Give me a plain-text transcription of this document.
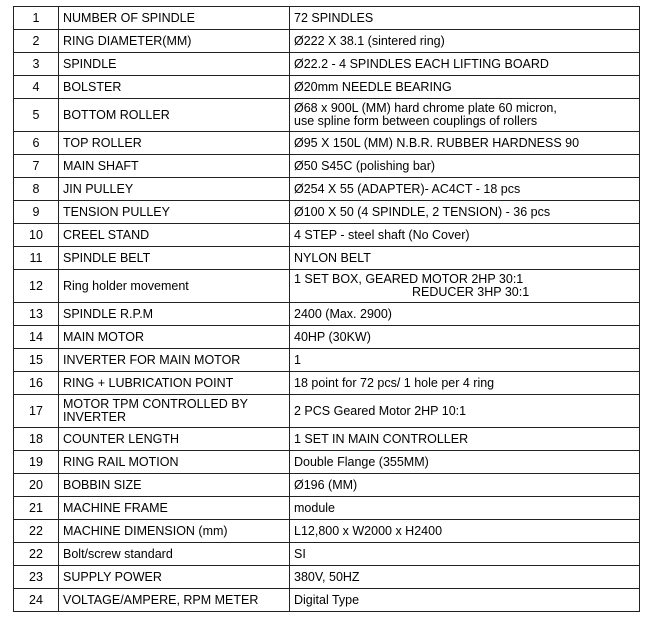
1	NUMBER OF SPINDLE	72 SPINDLES
2	RING DIAMETER(MM)	Ø222 X 38.1 (sintered ring)
3	SPINDLE	Ø22.2 - 4 SPINDLES EACH LIFTING BOARD
4	BOLSTER	Ø20mm NEEDLE BEARING
5	BOTTOM ROLLER	Ø68 x 900L (MM) hard chrome plate 60 micron,
use spline form between couplings of rollers

6	TOP ROLLER	Ø95 X 150L (MM) N.B.R. RUBBER HARDNESS 90
7	MAIN SHAFT	Ø50 S45C (polishing bar)
8	JIN PULLEY	Ø254 X 55 (ADAPTER)- AC4CT - 18 pcs
9	TENSION PULLEY	Ø100 X 50 (4 SPINDLE, 2 TENSION) - 36 pcs
10	CREEL STAND	4 STEP - steel shaft (No Cover)
11	SPINDLE BELT	NYLON BELT
12	Ring holder movement	1 SET BOX, GEARED MOTOR 2HP 30:1
REDUCER 3HP 30:1

13	SPINDLE R.P.M	2400 (Max. 2900)
14	MAIN MOTOR	40HP (30KW)
15	INVERTER FOR MAIN MOTOR	1
16	RING + LUBRICATION POINT	18 point for 72 pcs/ 1 hole per 4 ring
17	MOTOR TPM CONTROLLED BY
INVERTER	2 PCS Geared Motor 2HP 10:1
18	COUNTER LENGTH	1 SET IN MAIN CONTROLLER
19	RING RAIL MOTION	Double Flange (355MM)
20	BOBBIN SIZE	Ø196 (MM)
21	MACHINE FRAME	module
22	MACHINE DIMENSION (mm)	L12,800 x W2000 x H2400
22	Bolt/screw standard	SI
23	SUPPLY POWER	380V, 50HZ
24	VOLTAGE/AMPERE, RPM METER	Digital Type
